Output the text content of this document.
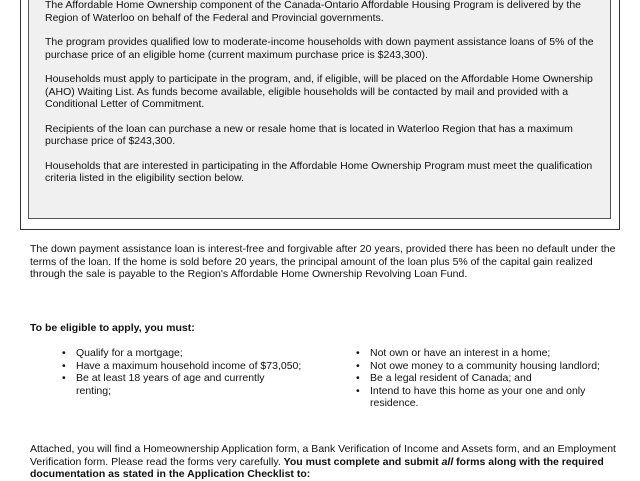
The Affordable Home Ownership component of the Canada-Ontario Affordable Housing Program is delivered by the Region of Waterloo on behalf of the Federal and Provincial governments.

The program provides qualified low to moderate-income households with down payment assistance loans of 5% of the purchase price of an eligible home (current maximum purchase price is $243,300).

Households must apply to participate in the program, and, if eligible, will be placed on the Affordable Home Ownership (AHO) Waiting List. As funds become available, eligible households will be contacted by mail and provided with a Conditional Letter of Commitment.

Recipients of the loan can purchase a new or resale home that is located in Waterloo Region that has a maximum purchase price of $243,300.

Households that are interested in participating in the Affordable Home Ownership Program must meet the qualification criteria listed in the eligibility section below.

The down payment assistance loan is interest-free and forgivable after 20 years, provided there has been no default under the terms of the loan. If the home is sold before 20 years, the principal amount of the loan plus 5% of the capital gain realized through the sale is payable to the Region's Affordable Home Ownership Revolving Loan Fund.

To be eligible to apply, you must:

• Qualify for a mortgage;
• Have a maximum household income of $73,050;
• Be at least 18 years of age and currently renting;
• Not own or have an interest in a home;
• Not owe money to a community housing landlord;
• Be a legal resident of Canada; and
• Intend to have this home as your one and only residence.

Attached, you will find a Homeownership Application form, a Bank Verification of Income and Assets form, and an Employment Verification form. Please read the forms very carefully. You must complete and submit all forms along with the required documentation as stated in the Application Checklist to:
